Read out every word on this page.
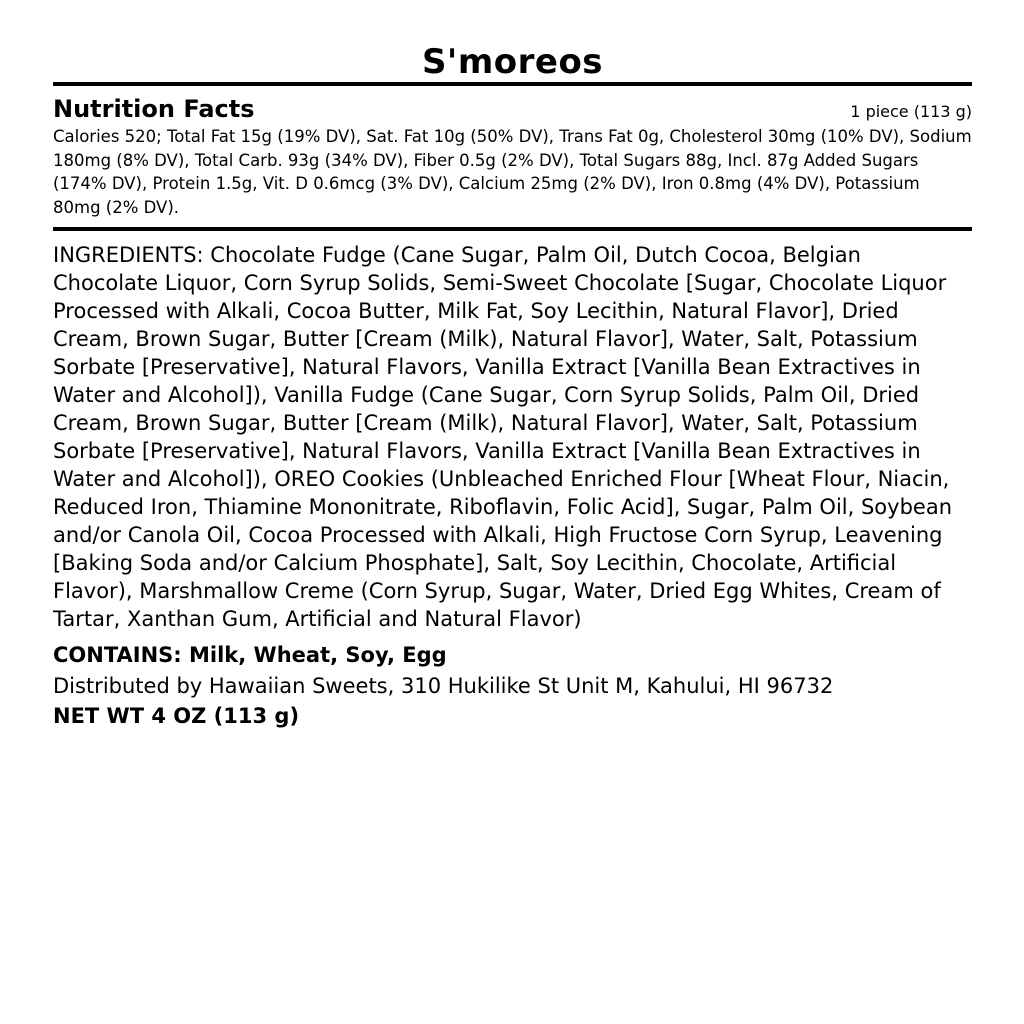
S'moreos
Nutrition Facts	1 piece (113 g)
Calories 520; Total Fat 15g (19% DV), Sat. Fat 10g (50% DV), Trans Fat 0g, Cholesterol 30mg (10% DV), Sodium 180mg (8% DV), Total Carb. 93g (34% DV), Fiber 0.5g (2% DV), Total Sugars 88g, Incl. 87g Added Sugars (174% DV), Protein 1.5g, Vit. D 0.6mcg (3% DV), Calcium 25mg (2% DV), Iron 0.8mg (4% DV), Potassium 80mg (2% DV).
INGREDIENTS: Chocolate Fudge (Cane Sugar, Palm Oil, Dutch Cocoa, Belgian Chocolate Liquor, Corn Syrup Solids, Semi-Sweet Chocolate [Sugar, Chocolate Liquor Processed with Alkali, Cocoa Butter, Milk Fat, Soy Lecithin, Natural Flavor], Dried Cream, Brown Sugar, Butter [Cream (Milk), Natural Flavor], Water, Salt, Potassium Sorbate [Preservative], Natural Flavors, Vanilla Extract [Vanilla Bean Extractives in Water and Alcohol]), Vanilla Fudge (Cane Sugar, Corn Syrup Solids, Palm Oil, Dried Cream, Brown Sugar, Butter [Cream (Milk), Natural Flavor], Water, Salt, Potassium Sorbate [Preservative], Natural Flavors, Vanilla Extract [Vanilla Bean Extractives in Water and Alcohol]), OREO Cookies (Unbleached Enriched Flour [Wheat Flour, Niacin, Reduced Iron, Thiamine Mononitrate, Riboflavin, Folic Acid], Sugar, Palm Oil, Soybean and/or Canola Oil, Cocoa Processed with Alkali, High Fructose Corn Syrup, Leavening [Baking Soda and/or Calcium Phosphate], Salt, Soy Lecithin, Chocolate, Artificial Flavor), Marshmallow Creme (Corn Syrup, Sugar, Water, Dried Egg Whites, Cream of Tartar, Xanthan Gum, Artificial and Natural Flavor)
CONTAINS: Milk, Wheat, Soy, Egg
Distributed by Hawaiian Sweets, 310 Hukilike St Unit M, Kahului, HI 96732
NET WT 4 OZ (113 g)
